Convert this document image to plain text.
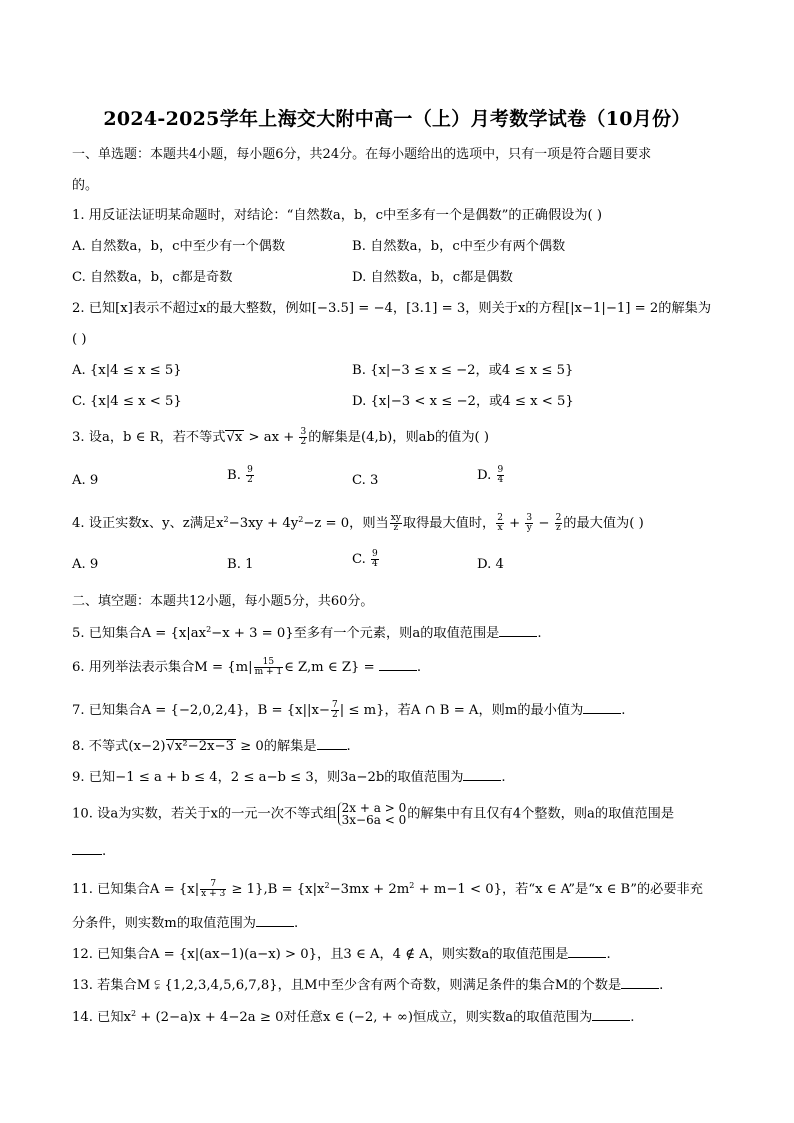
2024-2025学年上海交大附中高一（上）月考数学试卷（10月份）
一、单选题：本题共4小题，每小题6分，共24分。在每小题给出的选项中，只有一项是符合题目要求
的。
1. 用反证法证明某命题时，对结论：“自然数a，b，c中至多有一个是偶数”的正确假设为( )
A. 自然数a，b，c中至少有一个偶数	B. 自然数a，b，c中至少有两个偶数
C. 自然数a，b，c都是奇数	D. 自然数a，b，c都是偶数
2. 已知[x]表示不超过x的最大整数，例如[−3.5] = −4，[3.1] = 3，则关于x的方程[|x−1|−1] = 2的解集为
( )
A. {x|4 ≤ x ≤ 5}	B. {x|−3 ≤ x ≤ −2，或4 ≤ x ≤ 5}
C. {x|4 ≤ x < 5}	D. {x|−3 < x ≤ −2，或4 ≤ x < 5}
3. 设a，b ∈ R，若不等式√x > ax + $\frac{3}{2}$ 的解集是(4,b)，则ab的值为( )
A. 9	B. $\frac{9}{2}$	C. 3	D. $\frac{9}{4}$
4. 设正实数x、y、z满足$x^2-3xy + 4y^2-z = 0$，则当 $\frac{xy}{z}$ 取得最大值时， $\frac{2}{x} + \frac{3}{y} - \frac{2}{z}$ 的最大值为( )
A. 9	B. 1	C. $\frac{9}{4}$	D. 4
二、填空题：本题共12小题，每小题5分，共60分。
5. 已知集合$A = \{x|ax^2-x + 3 = 0\}$至多有一个元素，则a的取值范围是	.
6. 用列举法表示集合$M = \{m| \frac{15}{m + 1}$ ∈ Z,m ∈ Z} =	.
7. 已知集合A = {−2,0,2,4}，$B = \{x||x- \frac{7}{2}$ | ≤ m}，若A ∩ B = A，则m的最小值为	.
8. 不等式(x−2)√x²−2x−3 ≥ 0的解集是 .
9. 已知−1 ≤ a + b ≤ 4，2 ≤ a−b ≤ 3，则3a−2b的取值范围为	.
10. 设a为实数，若关于x的一元一次不等式组 2x + a > 0
3x−6a < 0 的解集中有且仅有4个整数，则a的取值范围是
.
11. 已知集合$A = \{x| \frac{7}{x + 3} \ge 1\},B = \{x|x^2-3mx + 2m^2 + m-1 < 0\}$，若“x ∈ A”是“x ∈ B”的必要非充
分条件，则实数m的取值范围为	.
12. 已知集合A = {x|(ax−1)(a−x) > 0}，且3 ∈ A，4 ∉ A，则实数a的取值范围是	.
13. 若集合M ⫋ {1,2,3,4,5,6,7,8}，且M中至少含有两个奇数，则满足条件的集合M的个数是	.
14. 已知$x^2 + (2-a)x + 4-2a \ge 0$对任意x ∈ (−2, + ∞)恒成立，则实数a的取值范围为	.
